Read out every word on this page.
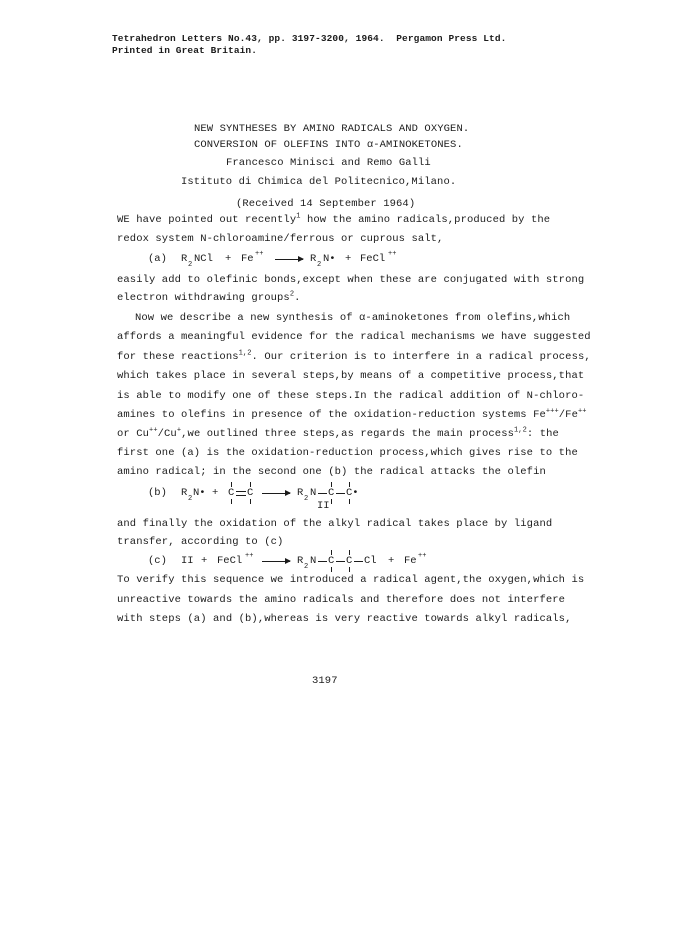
Tetrahedron Letters No.43, pp. 3197-3200, 1964.  Pergamon Press Ltd.
Printed in Great Britain.
NEW SYNTHESES BY AMINO RADICALS AND OXYGEN.
CONVERSION OF OLEFINS INTO α-AMINOKETONES.
Francesco Minisci and Remo Galli
Istituto di Chimica del Politecnico,Milano.
(Received 14 September 1964)
WE have pointed out recently$^1$ how the amino radicals,produced by the
redox system N-chloroamine/ferrous or cuprous salt,
(a) R 2 NCl + Fe ++ → R 2 N• + FeCl ++
easily add to olefinic bonds,except when these are conjugated with strong
electron withdrawing groups$^2$.
Now we describe a new synthesis of α-aminoketones from olefins,which
affords a meaningful evidence for the radical mechanisms we have suggested
for these reactions$^{1,2}$. Our criterion is to interfere in a radical process,
which takes place in several steps,by means of a competitive process,that
is able to modify one of these steps.In the radical addition of N-chloro-
amines to olefins in presence of the oxidation-reduction systems Fe+++/Fe++
or Cu++/Cu+,we outlined three steps,as regards the main process$^{1,2}$: the
first one (a) is the oxidation-reduction process,which gives rise to the
amino radical; in the second one (b) the radical attacks the olefin
(b) R 2 N• + C C → R 2 N C C•
II
and finally the oxidation of the alkyl radical takes place by ligand
transfer, according to (c)
(c) II + FeCl ++ → R 2 N C C Cl + Fe ++
To verify this sequence we introduced a radical agent,the oxygen,which is
unreactive towards the amino radicals and therefore does not interfere
with steps (a) and (b),whereas is very reactive towards alkyl radicals,
3197
